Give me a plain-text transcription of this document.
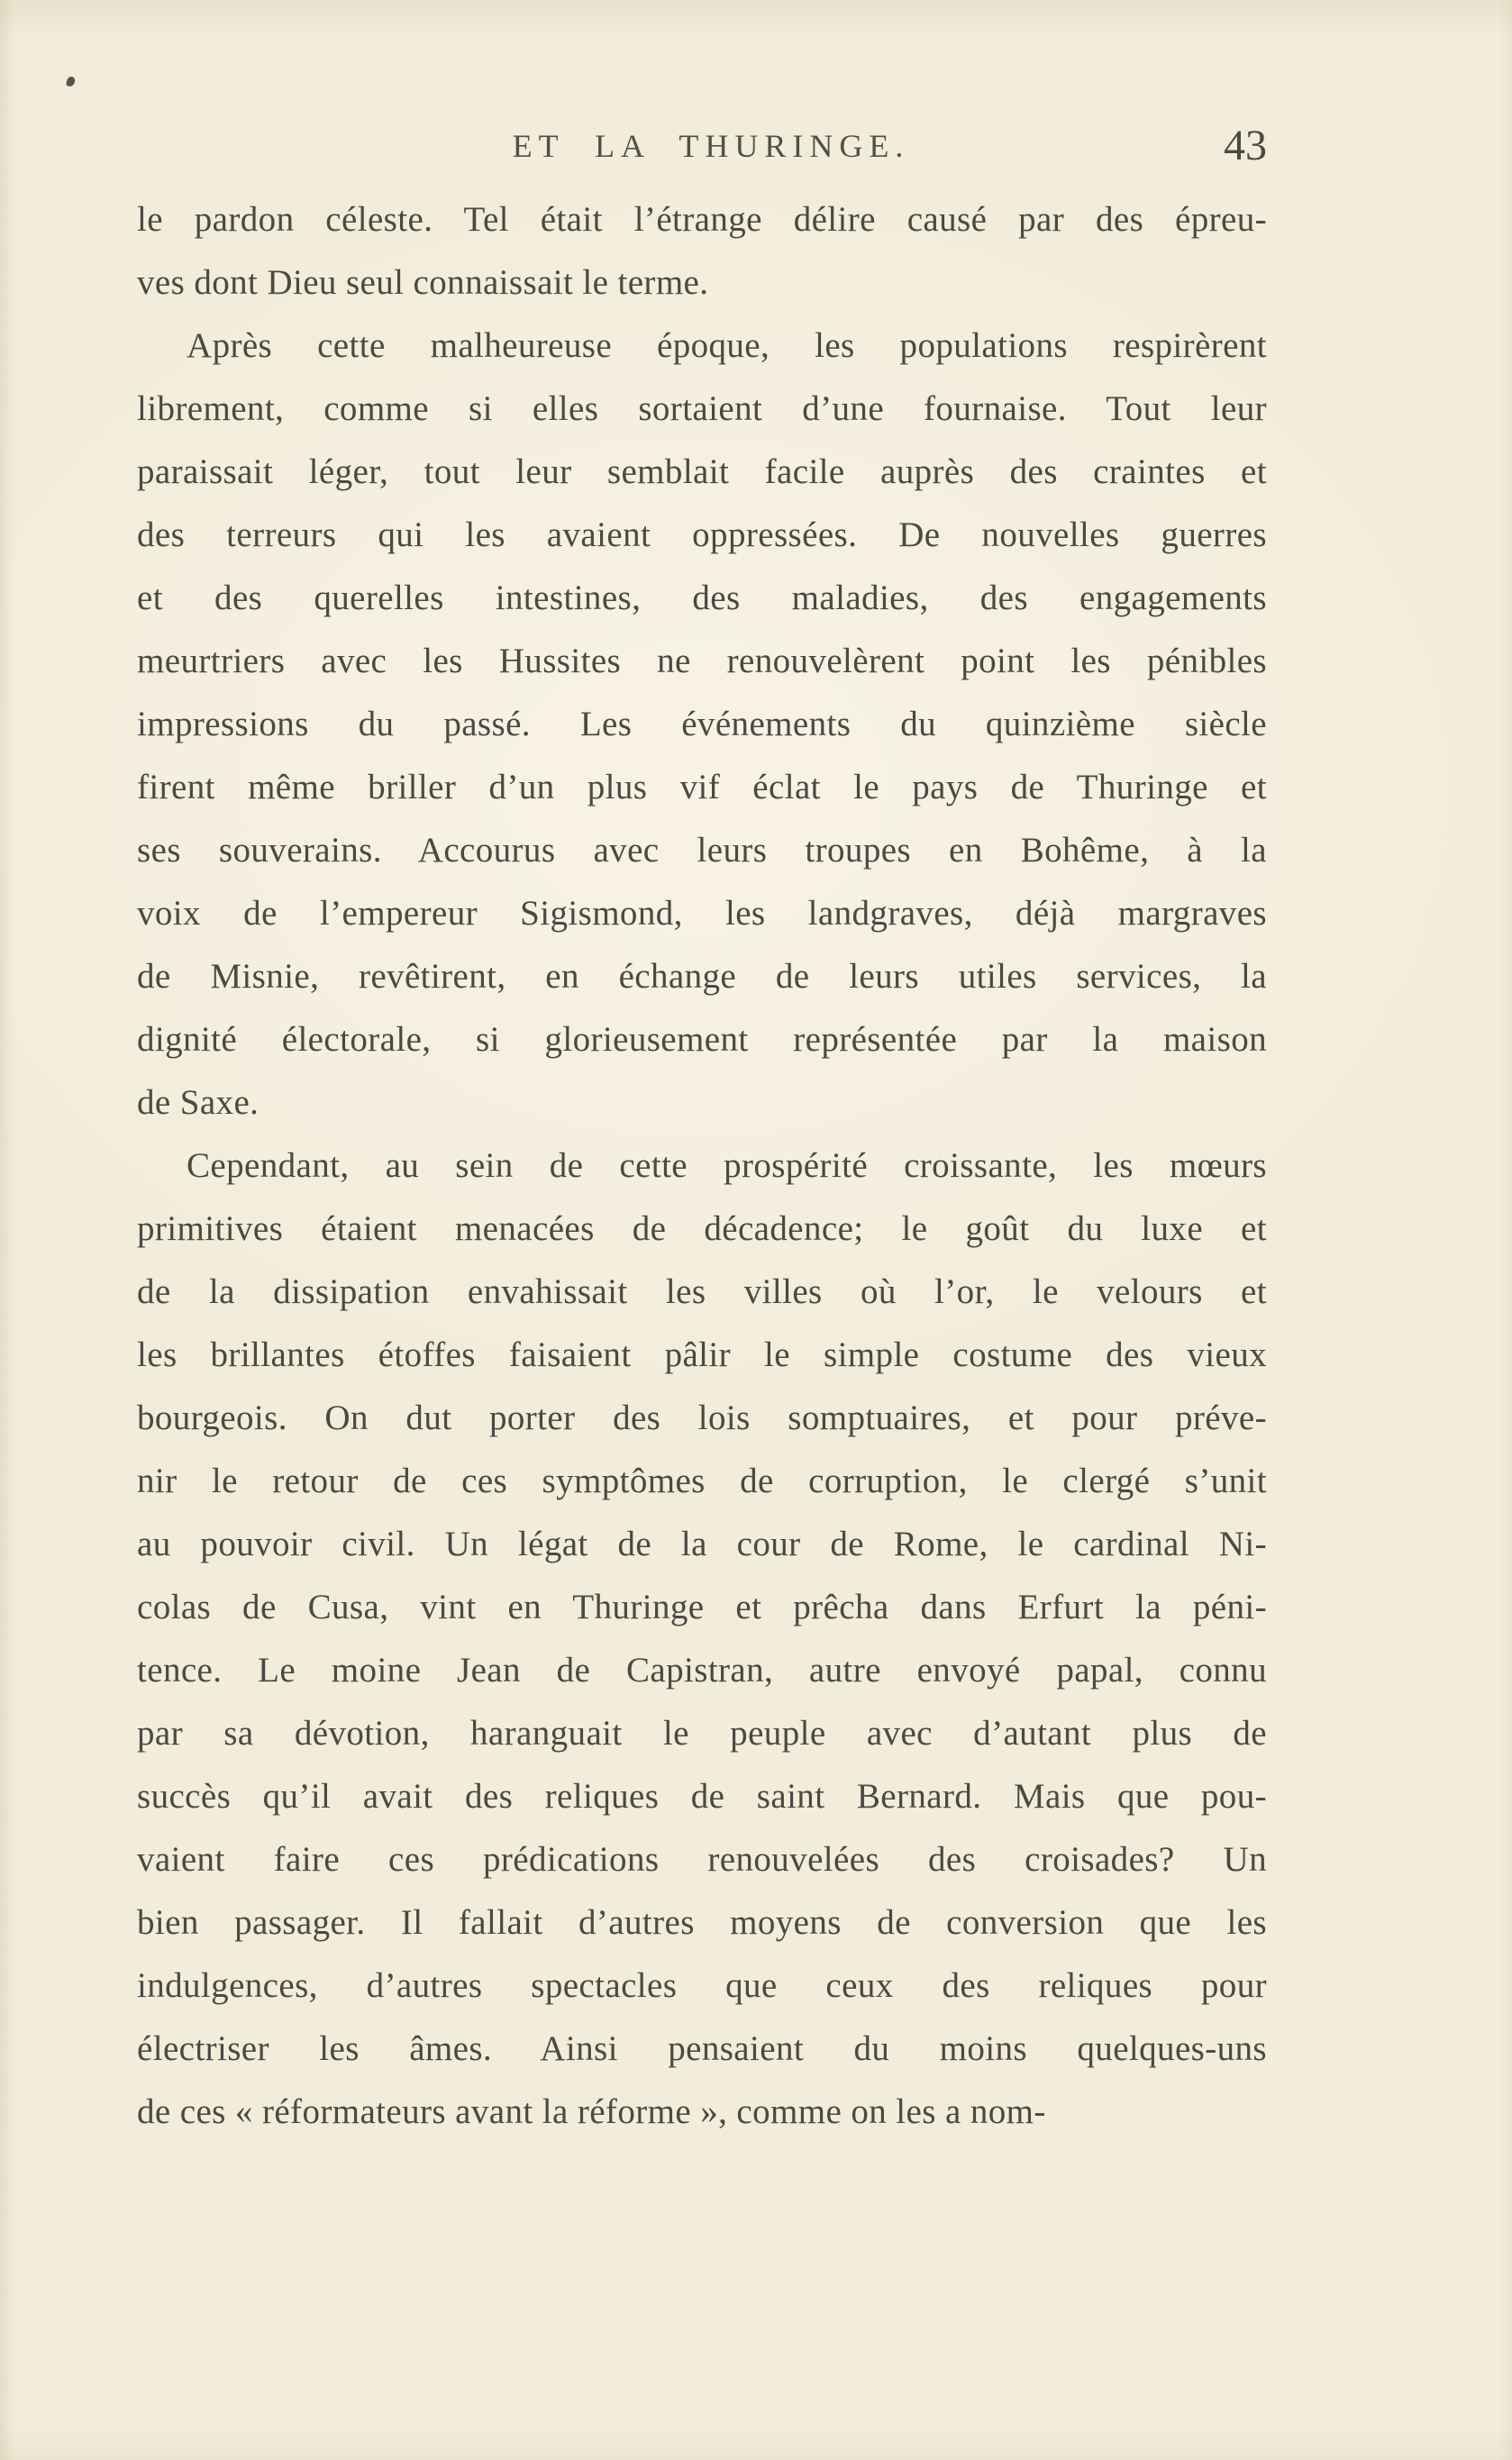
ET LA THURINGE.	43
le pardon céleste. Tel était l’étrange délire causé par des épreu-
ves dont Dieu seul connaissait le terme.
Après cette malheureuse époque, les populations respirèrent
librement, comme si elles sortaient d’une fournaise. Tout leur
paraissait léger, tout leur semblait facile auprès des craintes et
des terreurs qui les avaient oppressées. De nouvelles guerres
et des querelles intestines, des maladies, des engagements
meurtriers avec les Hussites ne renouvelèrent point les pénibles
impressions du passé. Les événements du quinzième siècle
firent même briller d’un plus vif éclat le pays de Thuringe et
ses souverains. Accourus avec leurs troupes en Bohême, à la
voix de l’empereur Sigismond, les landgraves, déjà margraves
de Misnie, revêtirent, en échange de leurs utiles services, la
dignité électorale, si glorieusement représentée par la maison
de Saxe.
Cependant, au sein de cette prospérité croissante, les mœurs
primitives étaient menacées de décadence; le goût du luxe et
de la dissipation envahissait les villes où l’or, le velours et
les brillantes étoffes faisaient pâlir le simple costume des vieux
bourgeois. On dut porter des lois somptuaires, et pour préve-
nir le retour de ces symptômes de corruption, le clergé s’unit
au pouvoir civil. Un légat de la cour de Rome, le cardinal Ni-
colas de Cusa, vint en Thuringe et prêcha dans Erfurt la péni-
tence. Le moine Jean de Capistran, autre envoyé papal, connu
par sa dévotion, haranguait le peuple avec d’autant plus de
succès qu’il avait des reliques de saint Bernard. Mais que pou-
vaient faire ces prédications renouvelées des croisades? Un
bien passager. Il fallait d’autres moyens de conversion que les
indulgences, d’autres spectacles que ceux des reliques pour
électriser les âmes. Ainsi pensaient du moins quelques-uns
de ces « réformateurs avant la réforme », comme on les a nom-
